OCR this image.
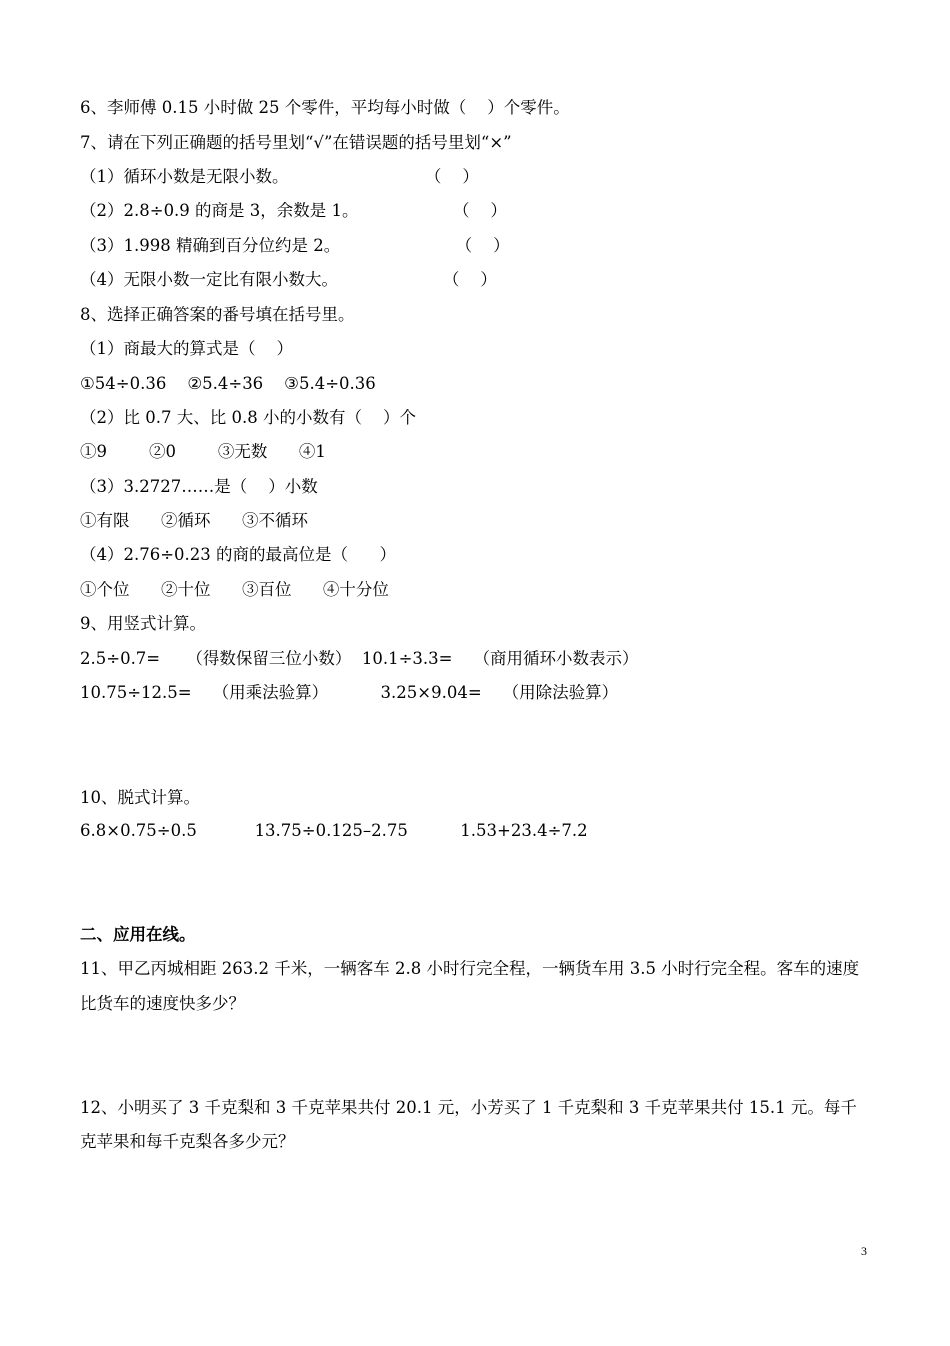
6、李师傅 0.15 小时做 25 个零件，平均每小时做（    ）个零件。
7、请在下列正确题的括号里划“√”在错误题的括号里划“×”
（1）循环小数是无限小数。                          （    ）
（2）2.8÷0.9 的商是 3，余数是 1。                  （    ）
（3）1.998 精确到百分位约是 2。                      （    ）
（4）无限小数一定比有限小数大。                    （    ）
8、选择正确答案的番号填在括号里。
（1）商最大的算式是（    ）
①54÷0.36    ②5.4÷36    ③5.4÷0.36
（2）比 0.7 大、比 0.8 小的小数有（    ）个
①9        ②0        ③无数      ④1
（3）3.2727……是（    ）小数
①有限      ②循环      ③不循环
（4）2.76÷0.23 的商的最高位是（      ）
①个位      ②十位      ③百位      ④十分位
9、用竖式计算。
2.5÷0.7=     （得数保留三位小数）  10.1÷3.3=    （商用循环小数表示）
10.75÷12.5=    （用乘法验算）          3.25×9.04=    （用除法验算）
10、脱式计算。
6.8×0.75÷0.5           13.75÷0.125–2.75          1.53+23.4÷7.2
二、应用在线。
11、甲乙丙城相距 263.2 千米，一辆客车 2.8 小时行完全程，一辆货车用 3.5 小时行完全程。客车的速度
比货车的速度快多少？
12、小明买了 3 千克梨和 3 千克苹果共付 20.1 元，小芳买了 1 千克梨和 3 千克苹果共付 15.1 元。每千
克苹果和每千克梨各多少元？
3
